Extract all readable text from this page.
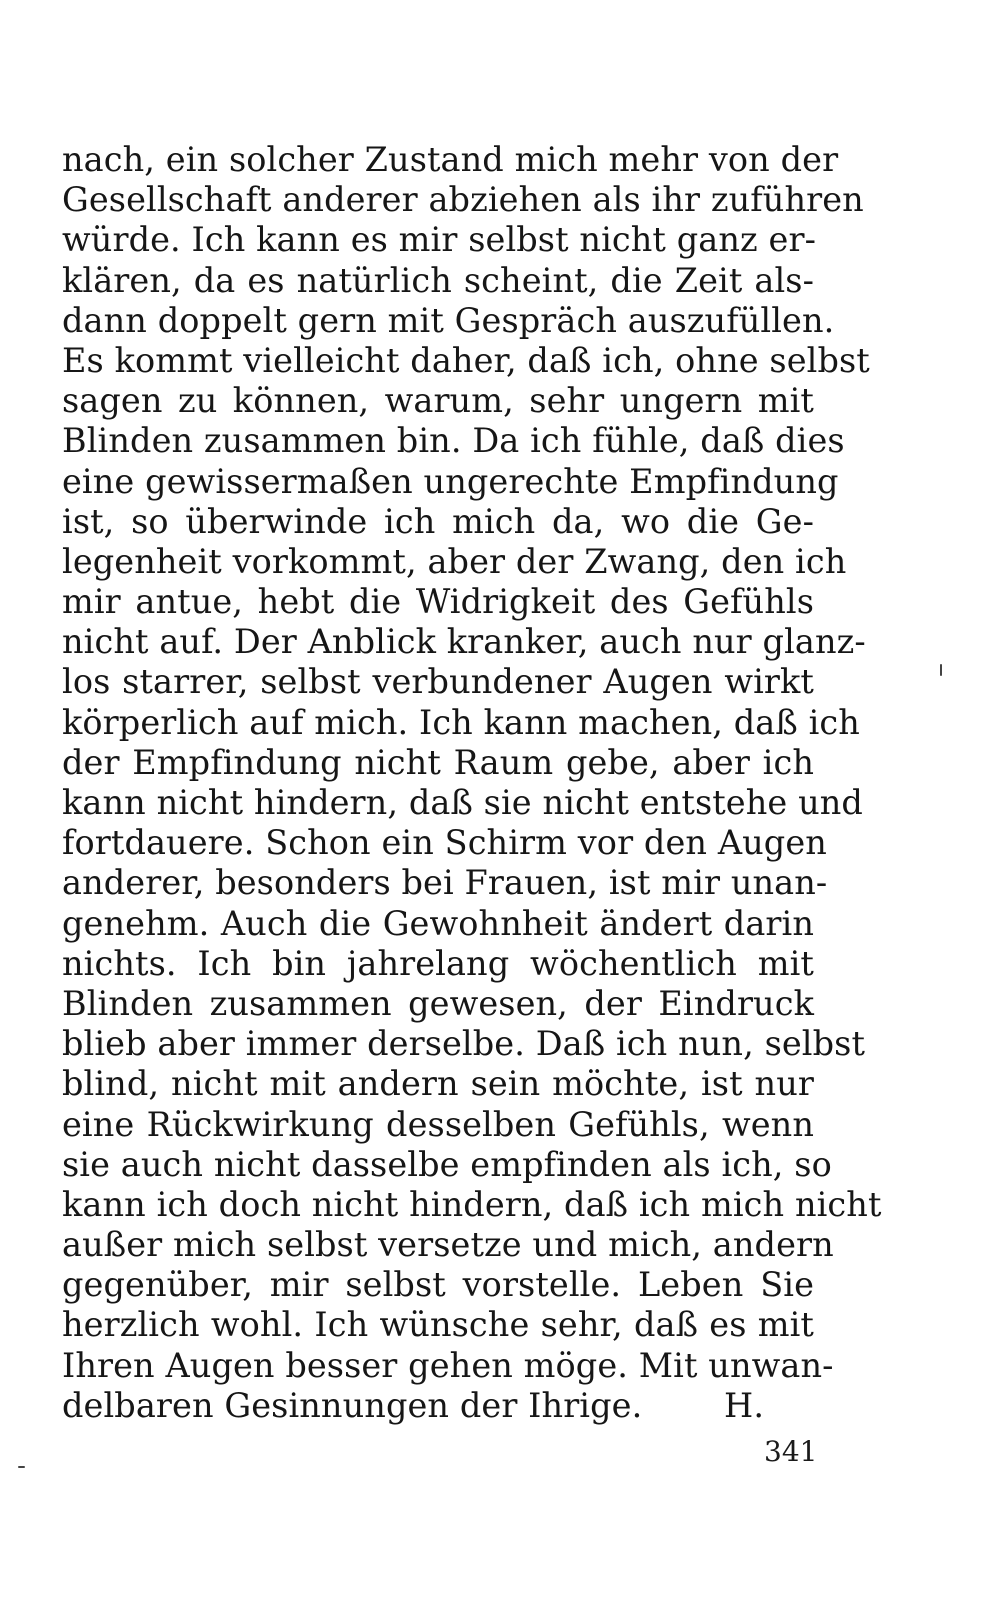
nach, ein solcher Zustand mich mehr von der
Gesellschaft anderer abziehen als ihr zuführen
würde. Ich kann es mir selbst nicht ganz er-
klären, da es natürlich scheint, die Zeit als-
dann doppelt gern mit Gespräch auszufüllen.
Es kommt vielleicht daher, daß ich, ohne selbst
sagen zu können, warum, sehr ungern mit
Blinden zusammen bin. Da ich fühle, daß dies
eine gewissermaßen ungerechte Empfindung
ist, so überwinde ich mich da, wo die Ge-
legenheit vorkommt, aber der Zwang, den ich
mir antue, hebt die Widrigkeit des Gefühls
nicht auf. Der Anblick kranker, auch nur glanz-
los starrer, selbst verbundener Augen wirkt
körperlich auf mich. Ich kann machen, daß ich
der Empfindung nicht Raum gebe, aber ich
kann nicht hindern, daß sie nicht entstehe und
fortdauere. Schon ein Schirm vor den Augen
anderer, besonders bei Frauen, ist mir unan-
genehm. Auch die Gewohnheit ändert darin
nichts. Ich bin jahrelang wöchentlich mit
Blinden zusammen gewesen, der Eindruck
blieb aber immer derselbe. Daß ich nun, selbst
blind, nicht mit andern sein möchte, ist nur
eine Rückwirkung desselben Gefühls, wenn
sie auch nicht dasselbe empfinden als ich, so
kann ich doch nicht hindern, daß ich mich nicht
außer mich selbst versetze und mich, andern
gegenüber, mir selbst vorstelle. Leben Sie
herzlich wohl. Ich wünsche sehr, daß es mit
Ihren Augen besser gehen möge. Mit unwan-
delbaren Gesinnungen der Ihrige. H.
341
